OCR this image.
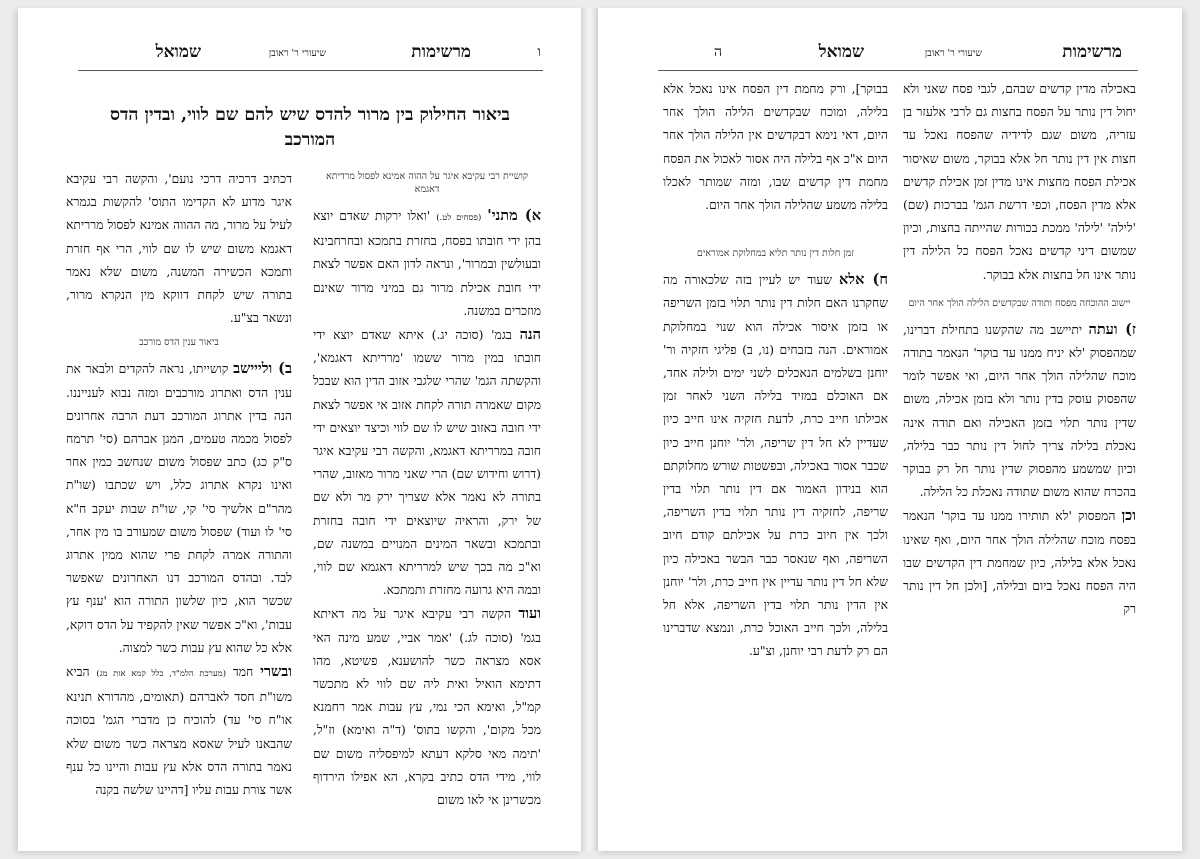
ו
מרשימות
שיעורי ר' ראובן
שמואל
ביאור החילוק בין מרור להדס שיש להם שם לווי, ובדין הדס המורכב
קושיית רבי עקיבא איגר על ההוה אמינא לפסול מרדיתא דאגמא

א) מתני' (פסחים לט.) 'ואלו ירקות שאדם יוצא בהן ידי חובתו בפסח, בחזרת בתמכא ובחרחבינא ובעולשין ובמרור', ונראה לדון האם אפשר לצאת ידי חובת אכילת מרור גם במיני מרור שאינם מוזכרים במשנה.

הנה בגמ' (סוכה יג.) איתא שאדם יוצא ידי חובתו במין מרור ששמו 'מרריתא דאגמא', והקשתה הגמ' שהרי שלגבי אזוב הדין הוא שבכל מקום שאמרה תורה לקחת אזוב אי אפשר לצאת ידי חובה באזוב שיש לו שם לווי וכיצד יוצאים ידי חובה במרריתא דאגמא, והקשה רבי עקיבא איגר (דרוש וחידוש שם) הרי שאני מרור מאזוב, שהרי בתורה לא נאמר אלא שצריך ירק מר ולא שם של ירק, והראיה שיוצאים ידי חובה בחזרת ובתמכא ובשאר המינים המנויים במשנה שם, וא"כ מה בכך שיש למרריתא דאגמא שם לווי, ובמה היא גרועה מחזרת ותמתכא.

ועוד הקשה רבי עקיבא איגר על מה דאיתא בגמ' (סוכה לג.) 'אמר אביי, שמע מינה האי אסא מצראה כשר להושענא, פשיטא, מהו דתימא הואיל ואית ליה שם לווי לא מתכשר קמ"ל, ואימא הכי נמי, עץ עבות אמר רחמנא מכל מקום', והקשו בתוס' (ד"ה ואימא) וז"ל, 'תימה מאי סלקא דעתא למיפסליה משום שם לווי, מידי הדס כתיב בקרא, הא אפילו הירדוף מכשרינן אי לאו משום

דכתיב דרכיה דרכי נועם', והקשה רבי עקיבא איגר מדוע לא הקדימו התוס' להקשות בגמרא לעיל על מרור, מה ההווה אמינא לפסול מרריתא דאגמא משום שיש לו שם לווי, הרי אף חזרת ותמכא הכשירה המשנה, משום שלא נאמר בתורה שיש לקחת דווקא מין הנקרא מרור, ונשאר בצ"ע.

ביאור ענין הדס מורכב

ב) ולייישב קושייתו, נראה להקדים ולבאר את ענין הדס ואתרוג מורכבים ומזה נבוא לענייננו. הנה בדין אתרוג המורכב דעת הרבה אחרונים לפסול מכמה טעמים, המגן אברהם (סי' תרמח ס"ק כג) כתב שפסול משום שנחשב כמין אחר ואינו נקרא אתרוג כלל, ויש שכתבו (שו"ת מהר"ם אלשיך סי' קי, שו"ת שבות יעקב ח"א סי' לו ועוד) שפסול משום שמעורב בו מין אחר, והתורה אמרה לקחת פרי שהוא ממין אתרוג לבד. ובהדס המורכב דנו האחרונים שאפשר שכשר הוא, כיון שלשון התורה הוא 'ענף עץ עבות', וא"כ אפשר שאין להקפיד על הדס דוקא, אלא כל שהוא עץ עבות כשר למצוה.

ובשרי חמד (מערכת הלמ"ד, כלל קמא אות מג) הביא משו"ת חסד לאברהם (תאומים, מהדורא תנינא או"ח סי' עד) להוכיח כן מדברי הגמ' בסוכה שהבאנו לעיל שאסא מצראה כשר משום שלא נאמר בתורה הדס אלא עץ עבות והיינו כל ענף אשר צורת עבות עליו [דהיינו שלשה בקנה

מרשימות
שיעורי ר' ראובן
שמואל
ה

באכילה מדין קדשים שבהם, לגבי פסח שאני ולא יחול דין נותר על הפסח בחצות גם לרבי אלעזר בן עזריה, משום שגם לדידיה שהפסח נאכל עד חצות אין דין נותר חל אלא בבוקר, משום שאיסור אכילת הפסח מחצות אינו מדין זמן אכילת קדשים אלא מדין הפסח, וכפי דרשת הגמ' בברכות (שם) 'לילה' 'לילה' ממכת בכורות שהייתה בחצות, וכיון שמשום דיני קדשים נאכל הפסח כל הלילה דין נותר אינו חל בחצות אלא בבוקר.

יישוב ההוכחה מפסח ותודה שבקדשים הלילה הולך אחר היום

ז) ועתה יתיישב מה שהקשנו בתחילת דברינו, שמהפסוק 'לא יניח ממנו עד בוקר' הנאמר בתודה מוכח שהלילה הולך אחר היום, ואי אפשר לומר שהפסוק עוסק בדין נותר ולא בזמן אכילה, משום שדין נותר תלוי בזמן האכילה ואם תודה אינה נאכלת בלילה צריך לחול דין נותר כבר בלילה, וכיון שמשמע מהפסוק שדין נותר חל רק בבוקר בהכרח שהוא משום שתודה נאכלת כל הלילה.

וכן המפסוק 'לא תותירו ממנו עד בוקר' הנאמר בפסח מוכח שהלילה הולך אחר היום, ואף שאינו נאכל אלא בלילה, כיון שמחמת דין הקדשים שבו היה הפסח נאכל ביום ובלילה, [ולכן חל דין נותר רק

בבוקר], ורק מחמת דין הפסח אינו נאכל אלא בלילה, ומוכח שבקדשים הלילה הולך אחר היום, דאי נימא דבקדשים אין הלילה הולך אחר היום א"כ אף בלילה היה אסור לאכול את הפסח מחמת דין קדשים שבו, ומזה שמותר לאכלו בלילה משמע שהלילה הולך אחר היום.

זמן חלות דין נותר תליא במחלוקת אמוראים

ח) אלא שעוד יש לעיין בזה שלכאורה מה שחקרנו האם חלות דין נותר תלוי בזמן השריפה או בזמן איסור אכילה הוא שנוי במחלוקת אמוראים. הנה בזבחים (נו, ב) פליגי חזקיה ור' יוחנן בשלמים הנאכלים לשני ימים ולילה אחד, אם האוכלם במזיד בלילה השני לאחר זמן אכילתו חייב כרת, לדעת חזקיה אינו חייב כיון שעדיין לא חל דין שריפה, ולר' יוחנן חייב כיון שכבר אסור באכילה, ובפשטות שורש מחלוקתם הוא בנידון האמור אם דין נותר תלוי בדין שריפה, לחזקיה דין נותר תלוי בדין השריפה, ולכך אין חיוב כרת על אכילתם קודם חיוב השריפה, ואף שנאסר כבר הבשר באכילה כיון שלא חל דין נותר עדיין אין חייב כרת, ולר' יוחנן אין הדין נותר תלוי בדין השריפה, אלא חל בלילה, ולכך חייב האוכל כרת, ונמצא שדברינו הם רק לדעת רבי יוחנן, וצ"ע.
